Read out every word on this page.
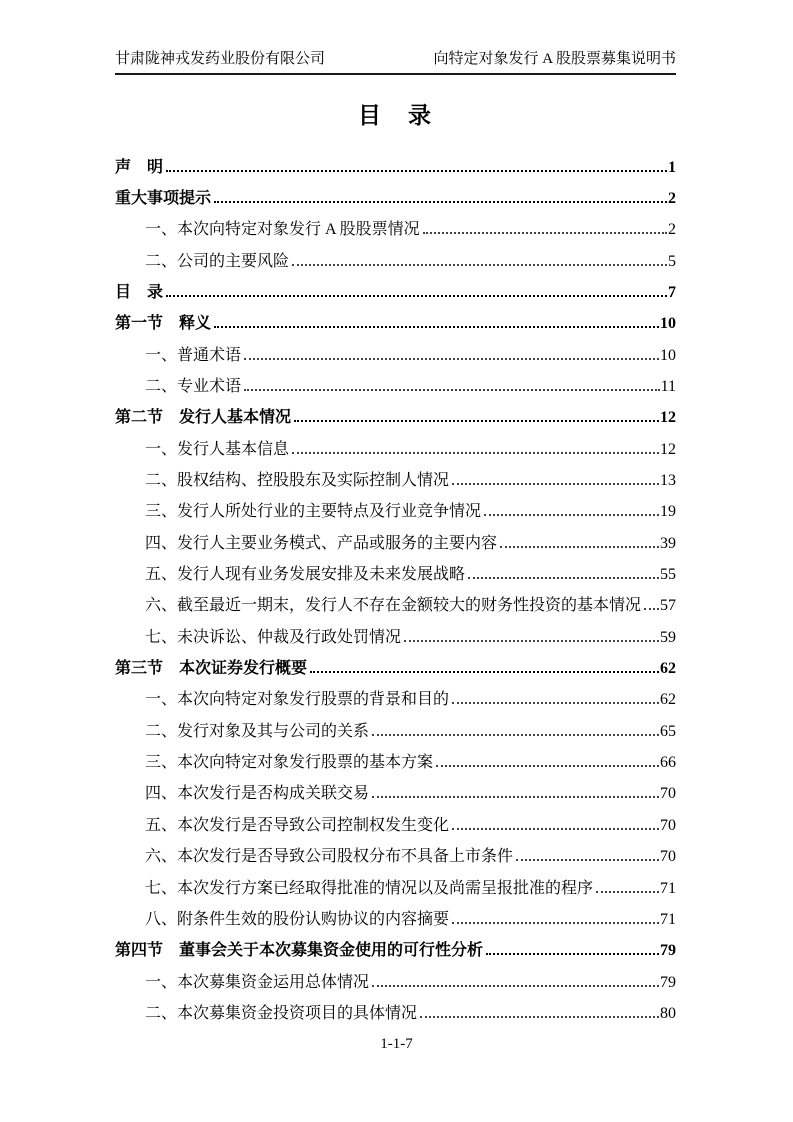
甘肃陇神戎发药业股份有限公司	向特定对象发行 A 股股票募集说明书
目　录
声　明	1
重大事项提示	2
一、本次向特定对象发行 A 股股票情况	2
二、公司的主要风险	5
目　录	7
第一节　释义	10
一、普通术语	10
二、专业术语	11
第二节　发行人基本情况	12
一、发行人基本信息	12
二、股权结构、控股股东及实际控制人情况	13
三、发行人所处行业的主要特点及行业竞争情况	19
四、发行人主要业务模式、产品或服务的主要内容	39
五、发行人现有业务发展安排及未来发展战略	55
六、截至最近一期末，发行人不存在金额较大的财务性投资的基本情况 57
七、未决诉讼、仲裁及行政处罚情况	59
第三节　本次证券发行概要	62
一、本次向特定对象发行股票的背景和目的	62
二、发行对象及其与公司的关系	65
三、本次向特定对象发行股票的基本方案	66
四、本次发行是否构成关联交易	70
五、本次发行是否导致公司控制权发生变化	70
六、本次发行是否导致公司股权分布不具备上市条件	70
七、本次发行方案已经取得批准的情况以及尚需呈报批准的程序	71
八、附条件生效的股份认购协议的内容摘要	71
第四节　董事会关于本次募集资金使用的可行性分析	79
一、本次募集资金运用总体情况	79
二、本次募集资金投资项目的具体情况	80
1-1-7
